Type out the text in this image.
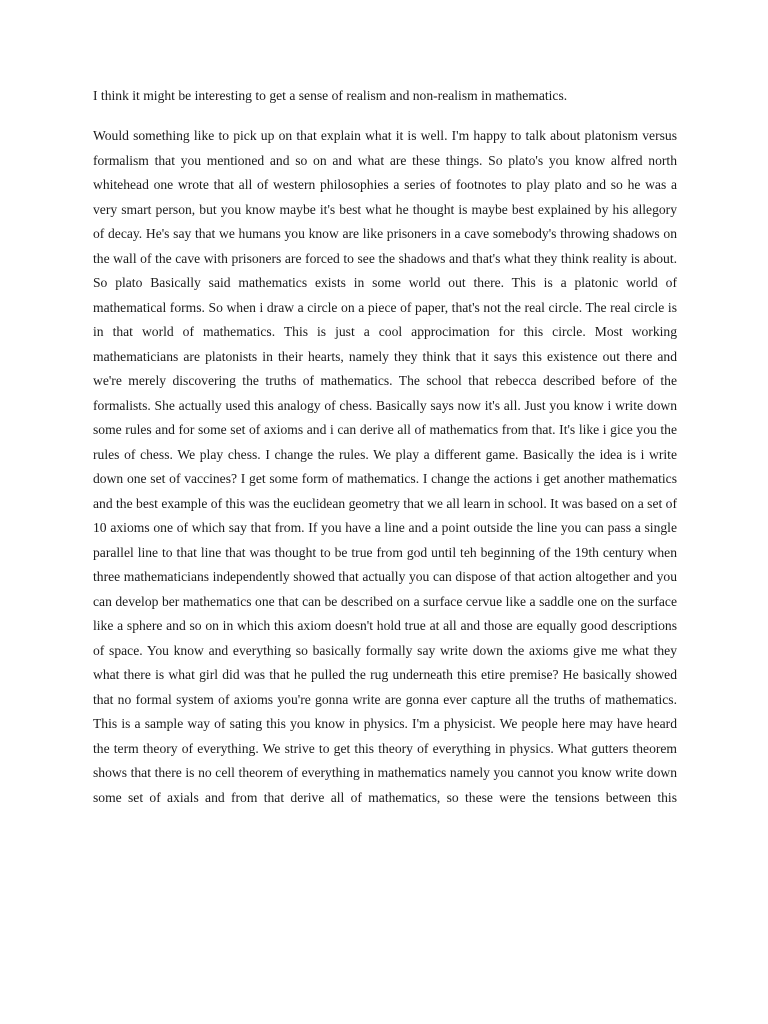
I think it might be interesting to get a sense of realism and non-realism in mathematics.

Would something like to pick up on that explain what it is well. I'm happy to talk about platonism versus formalism that you mentioned and so on and what are these things. So plato's you know alfred north whitehead one wrote that all of western philosophies a series of footnotes to play plato and so he was a very smart person, but you know maybe it's best what he thought is maybe best explained by his allegory of decay. He's say that we humans you know are like prisoners in a cave somebody's throwing shadows on the wall of the cave with prisoners are forced to see the shadows and that's what they think reality is about. So plato Basically said mathematics exists in some world out there. This is a platonic world of mathematical forms. So when i draw a circle on a piece of paper, that's not the real circle. The real circle is in that world of mathematics. This is just a cool approcimation for this circle. Most working mathematicians are platonists in their hearts, namely they think that it says this existence out there and we're merely discovering the truths of mathematics. The school that rebecca described before of the formalists. She actually used this analogy of chess. Basically says now it's all. Just you know i write down some rules and for some set of axioms and i can derive all of mathematics from that. It's like i gice you the rules of chess. We play chess. I change the rules. We play a different game. Basically the idea is i write down one set of vaccines? I get some form of mathematics. I change the actions i get another mathematics and the best example of this was the euclidean geometry that we all learn in school. It was based on a set of 10 axioms one of which say that from. If you have a line and a point outside the line you can pass a single parallel line to that line that was thought to be true from god until teh beginning of the 19th century when three mathematicians independently showed that actually you can dispose of that action altogether and you can develop ber mathematics one that can be described on a surface cervue like a saddle one on the surface like a sphere and so on in which this axiom doesn't hold true at all and those are equally good descriptions of space. You know and everything so basically formally say write down the axioms give me what they what there is what girl did was that he pulled the rug underneath this etire premise? He basically showed that no formal system of axioms you're gonna write are gonna ever capture all the truths of mathematics. This is a sample way of sating this you know in physics. I'm a physicist. We people here may have heard the term theory of everything. We strive to get this theory of everything in physics. What gutters theorem shows that there is no cell theorem of everything in mathematics namely you cannot you know write down some set of axials and from that derive all of mathematics, so these were the tensions between this
